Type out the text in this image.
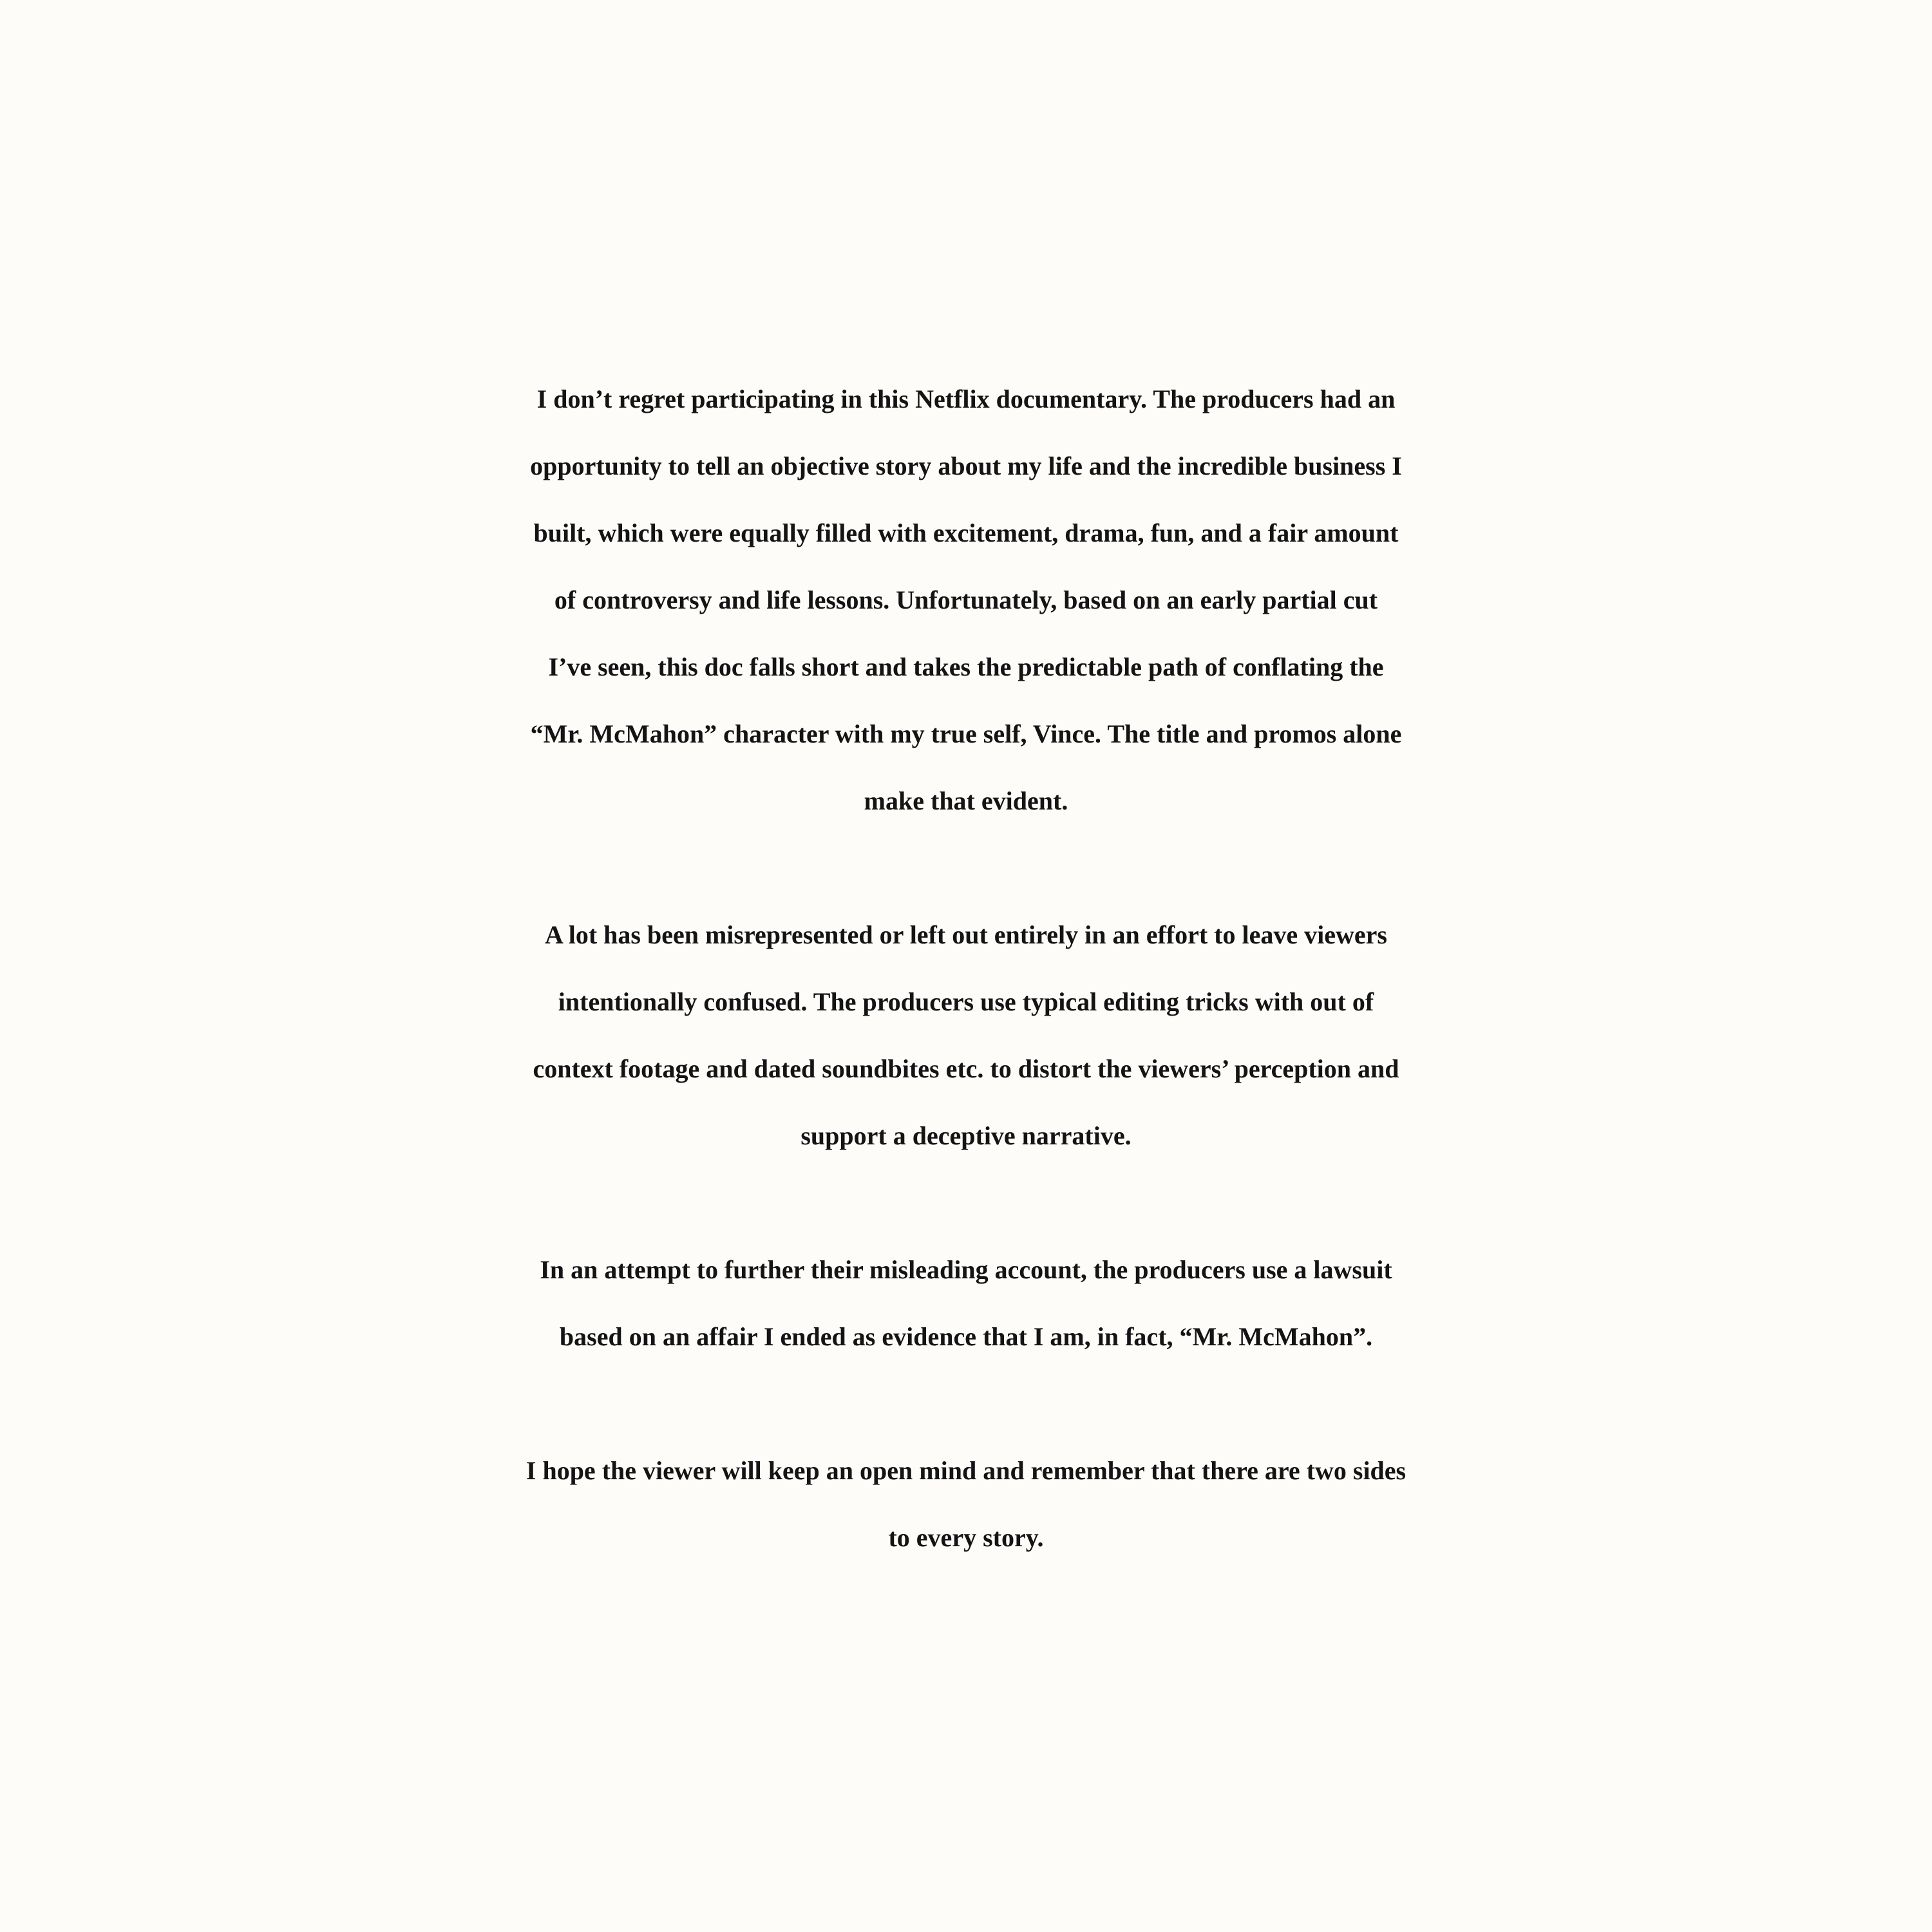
I don’t regret participating in this Netflix documentary. The producers had an
opportunity to tell an objective story about my life and the incredible business I
built, which were equally filled with excitement, drama, fun, and a fair amount
of controversy and life lessons. Unfortunately, based on an early partial cut
I’ve seen, this doc falls short and takes the predictable path of conflating the
“Mr. McMahon” character with my true self, Vince. The title and promos alone
make that evident.

A lot has been misrepresented or left out entirely in an effort to leave viewers
intentionally confused. The producers use typical editing tricks with out of
context footage and dated soundbites etc. to distort the viewers’ perception and
support a deceptive narrative.

In an attempt to further their misleading account, the producers use a lawsuit
based on an affair I ended as evidence that I am, in fact, “Mr. McMahon”.

I hope the viewer will keep an open mind and remember that there are two sides
to every story.
